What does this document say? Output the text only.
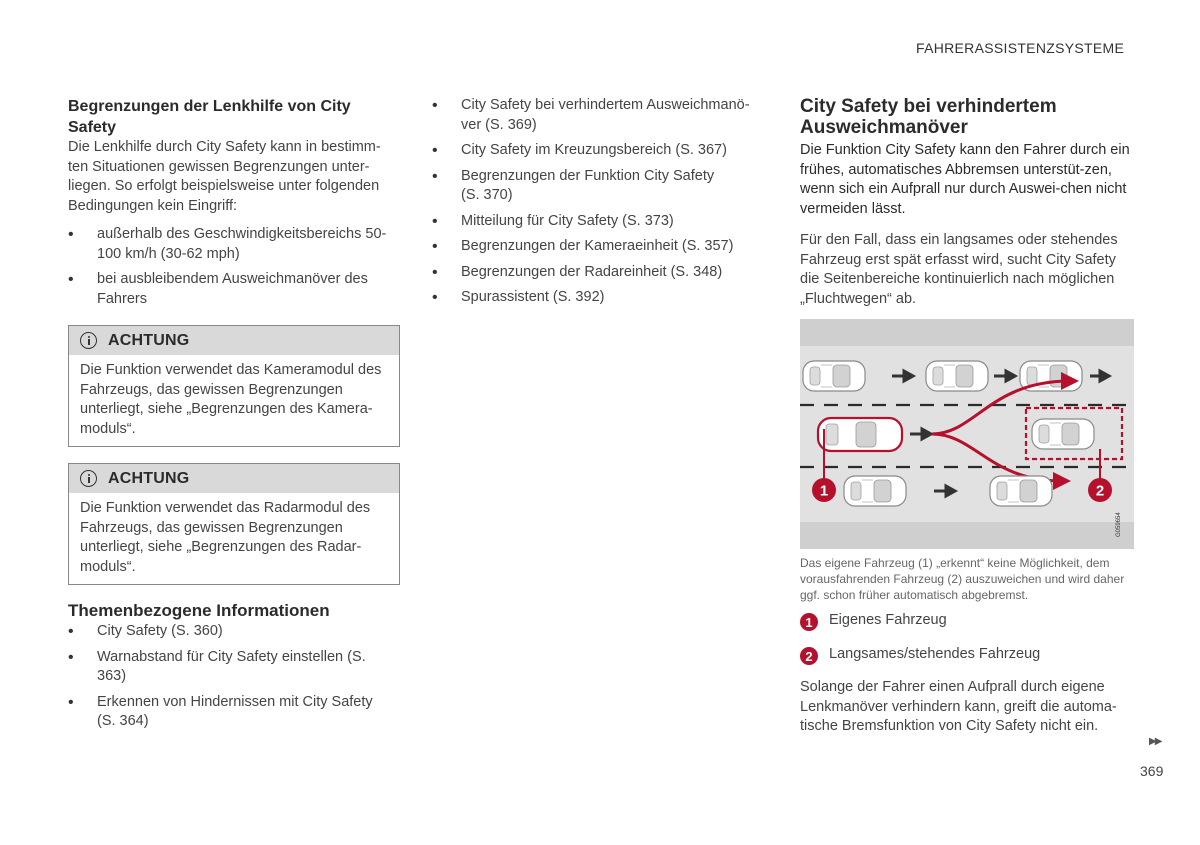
FAHRERASSISTENZSYSTEME
Begrenzungen der Lenkhilfe von City Safety

Die Lenkhilfe durch City Safety kann in bestimm-ten Situationen gewissen Begrenzungen unter-liegen. So erfolgt beispielsweise unter folgenden Bedingungen kein Eingriff:

• außerhalb des Geschwindigkeitsbereichs 50-100 km/h (30-62 mph)
• bei ausbleibendem Ausweichmanöver des Fahrers
ACHTUNG
Die Funktion verwendet das Kameramodul des Fahrzeugs, das gewissen Begrenzungen unterliegt, siehe „Begrenzungen des Kamera-moduls“.
ACHTUNG
Die Funktion verwendet das Radarmodul des Fahrzeugs, das gewissen Begrenzungen unterliegt, siehe „Begrenzungen des Radar-moduls“.
Themenbezogene Informationen
• City Safety (S. 360)
• Warnabstand für City Safety einstellen (S. 363)
• Erkennen von Hindernissen mit City Safety (S. 364)
• City Safety bei verhindertem Ausweichmanö-ver (S. 369)
• City Safety im Kreuzungsbereich (S. 367)
• Begrenzungen der Funktion City Safety (S. 370)
• Mitteilung für City Safety (S. 373)
• Begrenzungen der Kameraeinheit (S. 357)
• Begrenzungen der Radareinheit (S. 348)
• Spurassistent (S. 392)
City Safety bei verhindertem Ausweichmanöver

Die Funktion City Safety kann den Fahrer durch ein frühes, automatisches Abbremsen unterstüt-zen, wenn sich ein Aufprall nur durch Auswei-chen nicht vermeiden lässt.

Für den Fall, dass ein langsames oder stehendes Fahrzeug erst spät erfasst wird, sucht City Safety die Seitenbereiche kontinuierlich nach möglichen „Fluchtwegen“ ab.

1	2
G059654
Das eigene Fahrzeug (1) „erkennt“ keine Möglichkeit, dem vorausfahrenden Fahrzeug (2) auszuweichen und wird daher ggf. schon früher automatisch abgebremst.
1	Eigenes Fahrzeug
2	Langsames/stehendes Fahrzeug

Solange der Fahrer einen Aufprall durch eigene Lenkmanöver verhindern kann, greift die automa-tische Bremsfunktion von City Safety nicht ein.

▶▶
369
